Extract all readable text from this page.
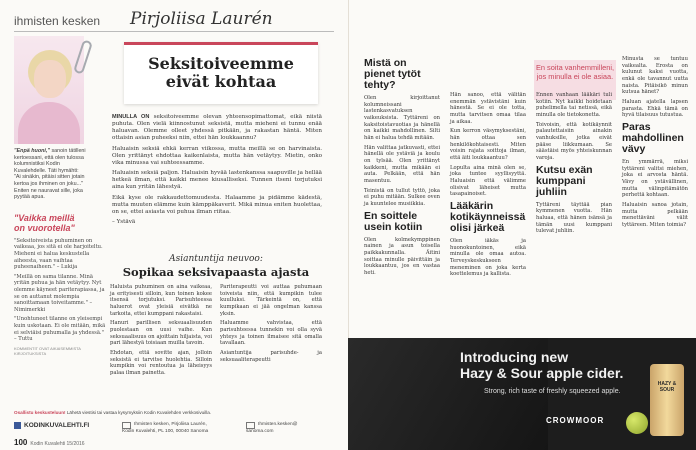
ihmisten kesken Pirjoliisa Laurén
"Enpä huoni," sanoin tätilleni kertoessani, että olen tulossa kolumnistiksi Kodin Kuvalehdelle. Täti hymähti: "Ai sinäkin, pitäisi sitten jotain kertoa jos ihminen on joku..." Eniten ne nauravat sille, joka pyytää apua.
Seksitoiveemme
eivät kohtaa

MINULLA ON seksitoiveemme olevan yhteensopimattomat, eikä niistä puhuta. Olen vielä kiinnostunut seksistä, mutta mieheni ei tunnu enää haluavan. Olemme olleet yhdessä pitkään, ja rakastan häntä. Miten ottaisin asian puheeksi niin, ettei hän loukkaannu?

Haluaisin seksiä ehkä kerran viikossa, mutta meillä se on harvinaista. Olen yrittänyt ehdottaa kaikenlaista, mutta hän vetäytyy. Mietin, onko vika minussa vai suhteessamme.

Haluaisin seksiä paljon. Haluaisin hyvää lastenkanssa saapuville ja hellää hetkeä ilman, että kaikki menee kiusalliseksi. Tunnen itseni torjutuksi aina kun yritän lähestyä.

Eikä kyse ole rakkaudettomuudesta. Halaamme ja pidämme kädestä, mutta muuten elämme kuin kämppäkaverit. Mikä minua eniten huolettaa, on se, ettei asiasta voi puhua ilman riitaa.

– Ystävä

"Vaikka meillä
on vuorotella"

"Seksitoiveista puhuminen on vaikeaa, jos sitä ei ole harjoiteltu. Mieheni ei halua keskustella aiheesta, vaan vaihtaa puheenaiheen." – Lukija

"Meillä on sama tilanne. Minä yritän puhua ja hän vetäytyy. Nyt olemme käyneet pariterapiassa, ja se on auttanut molempia sanoittamaan toiveitamme." – Nimimerkki

"Unohtuneet tilanne on yleisempi kuin uskotaan. Ei ole mitään, mikä ei selviäisi puhumalla ja yhdessä." – Tuttu

KOMMENTIT OVAT AIKAISEMMISTA KIRJOITUKSISTA

Asiantuntija neuvoo:
Sopikaa seksivapaasta ajasta

Haluista puhuminen on aina vaikeaa, ja erityisesti silloin, kun toinen kokee itsensä torjutuksi. Parisuhteessa haluerot ovat yleisiä eivätkä ne tarkoita, ettei kumppani rakastaisi.

Hanuri parillisen seksuaalisuuden puolestaan on uusi vaihe. Kun seksuaalisuus on ajoittain hiljaista, voi pari lähestyä toisiaan muilla tavoin.

Ehdotan, että sovitte ajan, jolloin seksistä ei tarvitse huolehtia. Silloin kumpikin voi rentoutua ja läheisyys palaa ilman painetta.

Pariterapeutti voi auttaa puhumaan toiveista niin, että kumpikin tulee kuulluksi. Tärkeintä on, että kumpikaan ei jää ongelman kanssa yksin.

Haluamme vahvistaa, että parisuhteessa tunnekin voi olla syvä yhteys ja toinen ilmaisee sitä omalla tavallaan.

Asiantuntija parisuhde- ja seksuaaliterapeutti

Osallistu keskusteluun! Lähetä viestisi tai vastaa kysymyksiin Kodin Kuvalehden verkkosivuilla.
KODINKUVALEHTI.FI	Ihmisten kesken, Pirjoliisa Laurén,
Kodin Kuvalehti, PL 100, 00040 Sanoma
Ihmisten.kesken@
sanoma.com
100 Kodin Kuvalehti 15/2016
Mistä on pienet tytöt tehty?

Olen kirjoittanut kolumneissani lastenkasvatuksen vaikeuksista. Tyttäreni on kaksitoistavuotias ja hänellä on kaikki mahdollinen. Silti hän ei halua tehdä mitään.

Hän valittaa jatkuvasti, ettei hänellä ole ystäviä ja koulu on tylsää. Olen yrittänyt kaikkeni, mutta mikään ei auta. Pelkään, että hän masentuu.

Teinistä on tullut tyttö, joka ei puhu mitään. Sulkee oven ja kuuntelee musiikkia.

En soittele usein kotiin

Olen kolmekymppinen nainen ja asun toisella paikkakunnalla. Äitini soittaa minulle päivittäin ja loukkaantuu, jos en vastaa heti.

Hän sanoo, että välitän enemmän ystävistäni kuin hänestä. Se ei ole totta, mutta tarvitsen omaa tilaa ja aikaa.

Kun kerron väsymyksestäni, hän ottaa sen henkilökohtaisesti. Miten voisin rajata soittoja ilman, että äiti loukkaantuu?

Lopulta aina minä olen se, joka tuntee syyllisyyttä. Haluaisin että välimme olisivat läheiset mutta tasapainoiset.

Lääkärin kotikäynneissä olisi järkeä

Olen iäkäs ja huonokuntoinen, eikä minulla ole omaa autoa. Terveyskeskukseen meneminen on joka kerta koettelemus ja kallista.

En soita vanhemmilleni, jos minulla ei ole asiaa.

Ennen vanhaan lääkäri tuli kotiin. Nyt kaikki hoidetaan puhelimella tai netissä, eikä minulla ole tietokonetta.

Toivoisin, että kotikäynnit palautettaisiin ainakin vanhuksille, jotka eivät pääse liikkumaan. Se säästäisi myös yhteiskunnan varoja.

Kutsu exän kumppani juhliin

Tyttäreni täyttää pian kymmenen vuotta. Hän haluaa, että hänen isänsä ja tämän uusi kumppani tulevat juhliin.

Minusta se tuntuu vaikealta. Erosta on kulunut kaksi vuotta, enkä ole tavannut uutta naista. Pitäisikö minun kutsua hänet?

Haluan ajatella lapsen parasta. Ehkä tämä on hyvä tilaisuus tutustua.

Paras mahdollinen vävy

En ymmärrä, miksi tyttäreni valitsi miehen, joka ei arvosta häntä. Vävy on ystävällinen, mutta välinpitämätön perhettä kohtaan.

Haluaisin sanoa jotain, mutta pelkään menettäväni välit tyttäreen. Miten toimia?

Introducing new
Hazy & Sour apple cider.
Strong, rich taste of freshly squeezed apple.
CROWMOOR
HAZY & SOUR
